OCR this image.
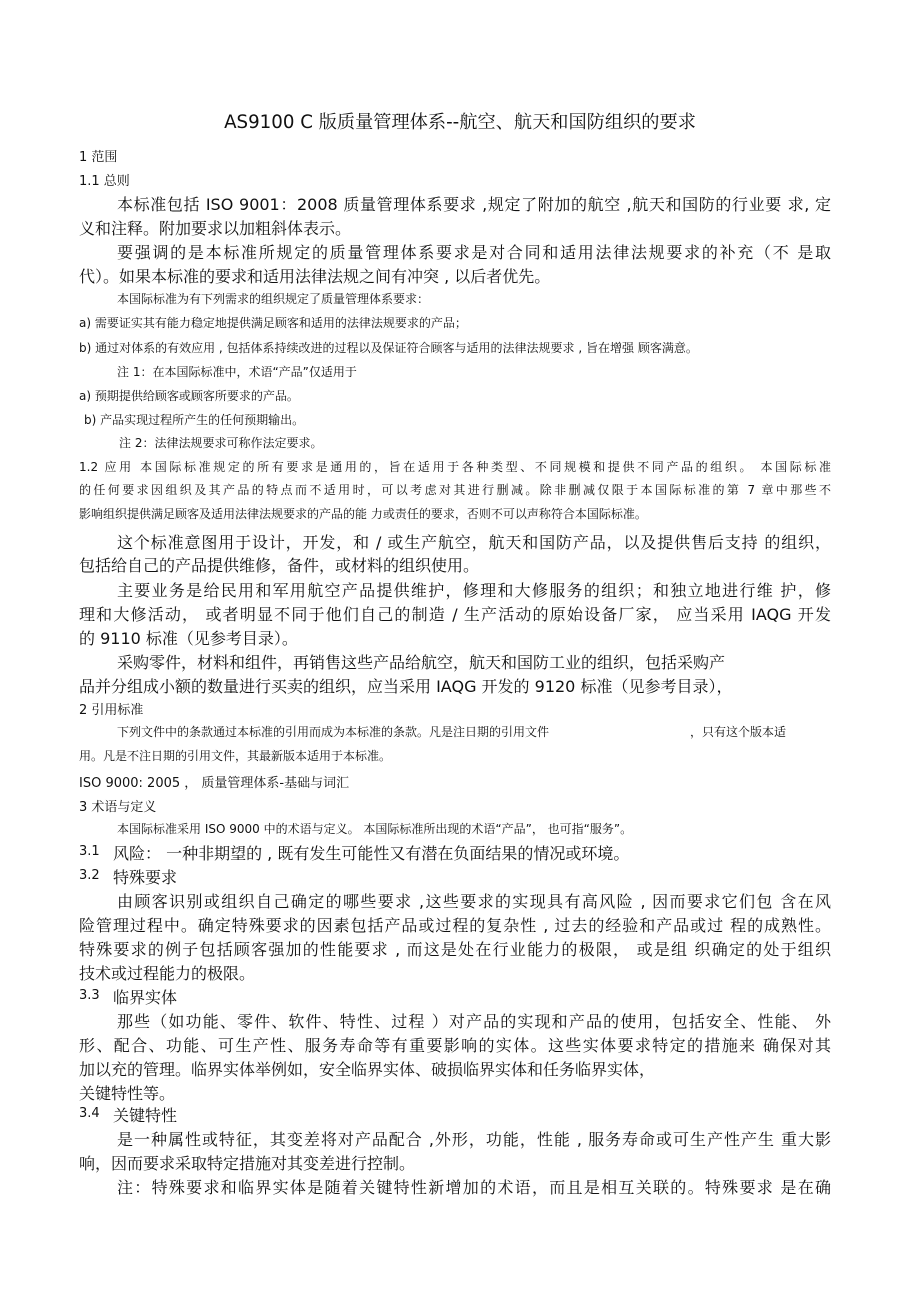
AS9100 C 版质量管理体系--航空、航天和国防组织的要求

1 范围

1.1 总则

本标准包括 ISO 9001：2008 质量管理体系要求 ,规定了附加的航空 ,航天和国防的行业要 求, 定

义和注释。附加要求以加粗斜体表示。

要强调的是本标准所规定的质量管理体系要求是对合同和适用法律法规要求的补充（不 是取

代）。如果本标准的要求和适用法律法规之间有冲突 , 以后者优先。

本国际标准为有下列需求的组织规定了质量管理体系要求：

a) 需要证实其有能力稳定地提供满足顾客和适用的法律法规要求的产品；

b) 通过对体系的有效应用 , 包括体系持续改进的过程以及保证符合顾客与适用的法律法规要求 , 旨在增强 顾客满意。

注 1：在本国际标准中，术语“产品”仅适用于

a) 预期提供给顾客或顾客所要求的产品。

b) 产品实现过程所产生的任何预期输出。

注 2：法律法规要求可称作法定要求。

1.2 应用 本国际标准规定的所有要求是通用的，旨在适用于各种类型、不同规模和提供不同产品的组织。 本国际标准

的任何要求因组织及其产品的特点而不适用时，可以考虑对其进行删减。除非删减仅限于本国际标准的第 7 章中那些不

影响组织提供满足顾客及适用法律法规要求的产品的能 力或责任的要求，否则不可以声称符合本国际标准。

这个标准意图用于设计，开发，和 / 或生产航空，航天和国防产品，以及提供售后支持 的组织，

包括给自己的产品提供维修，备件，或材料的组织使用。

主要业务是给民用和军用航空产品提供维护，修理和大修服务的组织；和独立地进行维 护，修

理和大修活动， 或者明显不同于他们自己的制造 / 生产活动的原始设备厂家， 应当采用 IAQG 开发

的 9110 标准（见参考目录）。

采购零件，材料和组件，再销售这些产品给航空，航天和国防工业的组织，包括采购产

品并分组成小额的数量进行买卖的组织，应当采用 IAQG 开发的 9120 标准（见参考目录），

2 引用标准

下列文件中的条款通过本标准的引用而成为本标准的条款。凡是注日期的引用文件	，只有这个版本适

用。凡是不注日期的引用文件，其最新版本适用于本标准。

ISO 9000: 2005 ， 质量管理体系-基础与词汇

3 术语与定义

本国际标准采用 ISO 9000 中的术语与定义。 本国际标准所出现的术语“产品”， 也可指“服务”。

3.1 风险： 一种非期望的 , 既有发生可能性又有潜在负面结果的情况或环境。

3.2 特殊要求

由顾客识别或组织自己确定的哪些要求 ,这些要求的实现具有高风险 , 因而要求它们包 含在风

险管理过程中。确定特殊要求的因素包括产品或过程的复杂性 , 过去的经验和产品或过 程的成熟性。

特殊要求的例子包括顾客强加的性能要求 , 而这是处在行业能力的极限， 或是组 织确定的处于组织

技术或过程能力的极限。

3.3 临界实体

那些（如功能、零件、软件、特性、过程 ）对产品的实现和产品的使用，包括安全、性能、 外

形、配合、功能、可生产性、服务寿命等有重要影响的实体。这些实体要求特定的措施来 确保对其

加以充的管理。临界实体举例如，安全临界实体、破损临界实体和任务临界实体，

关键特性等。

3.4 关键特性

是一种属性或特征，其变差将对产品配合 ,外形，功能，性能 , 服务寿命或可生产性产生 重大影

响，因而要求采取特定措施对其变差进行控制。

注：特殊要求和临界实体是随着关键特性新增加的术语，而且是相互关联的。特殊要求 是在确
